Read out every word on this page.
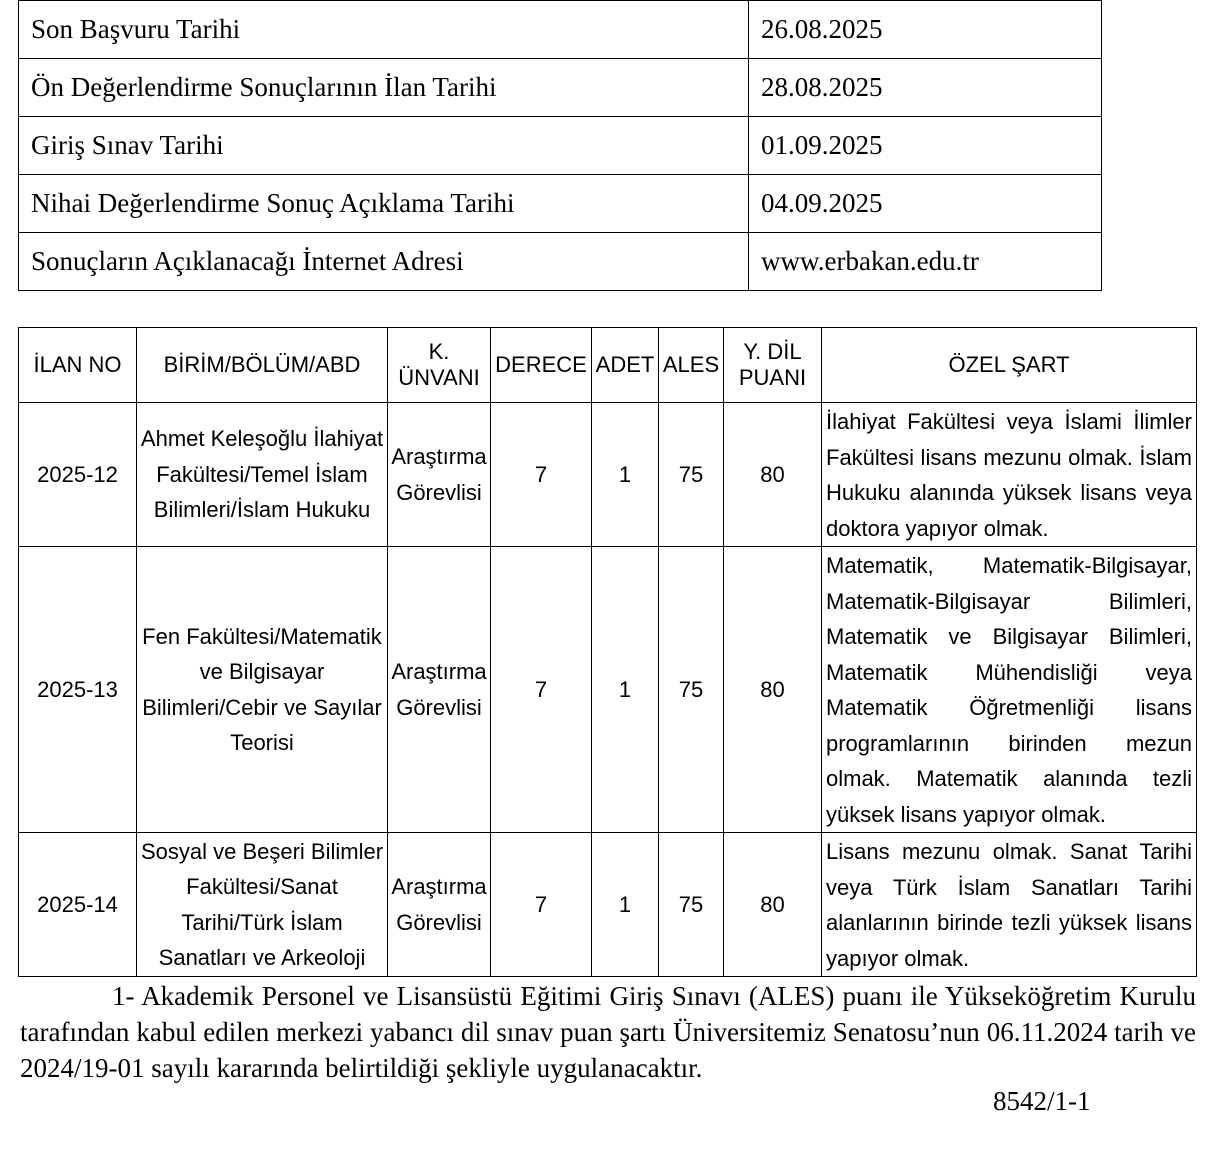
Son Başvuru Tarihi	26.08.2025
Ön Değerlendirme Sonuçlarının İlan Tarihi	28.08.2025
Giriş Sınav Tarihi	01.09.2025
Nihai Değerlendirme Sonuç Açıklama Tarihi	04.09.2025
Sonuçların Açıklanacağı İnternet Adresi	www.erbakan.edu.tr
İLAN NO	BİRİM/BÖLÜM/ABD	K. ÜNVANI	DERECE	ADET	ALES	Y. DİL PUANI	ÖZEL ŞART
2025-12	Ahmet Keleşoğlu İlahiyat Fakültesi/Temel İslam Bilimleri/İslam Hukuku	Araştırma Görevlisi	7	1	75	80	İlahiyat Fakültesi veya İslami İlimler Fakültesi lisans mezunu olmak. İslam Hukuku alanında yüksek lisans veya doktora yapıyor olmak.
2025-13	Fen Fakültesi/Matematik ve Bilgisayar Bilimleri/Cebir ve Sayılar Teorisi	Araştırma Görevlisi	7	1	75	80	Matematik, Matematik-Bilgisayar, Matematik-Bilgisayar Bilimleri, Matematik ve Bilgisayar Bilimleri, Matematik Mühendisliği veya Matematik Öğretmenliği lisans programlarının birinden mezun olmak. Matematik alanında tezli yüksek lisans yapıyor olmak.
2025-14	Sosyal ve Beşeri Bilimler Fakültesi/Sanat Tarihi/Türk İslam Sanatları ve Arkeoloji	Araştırma Görevlisi	7	1	75	80	Lisans mezunu olmak. Sanat Tarihi veya Türk İslam Sanatları Tarihi alanlarının birinde tezli yüksek lisans yapıyor olmak.

1- Akademik Personel ve Lisansüstü Eğitimi Giriş Sınavı (ALES) puanı ile Yükseköğretim Kurulu tarafından kabul edilen merkezi yabancı dil sınav puan şartı Üniversitemiz Senatosu’nun 06.11.2024 tarih ve 2024/19-01 sayılı kararında belirtildiği şekliyle uygulanacaktır.

8542/1-1
